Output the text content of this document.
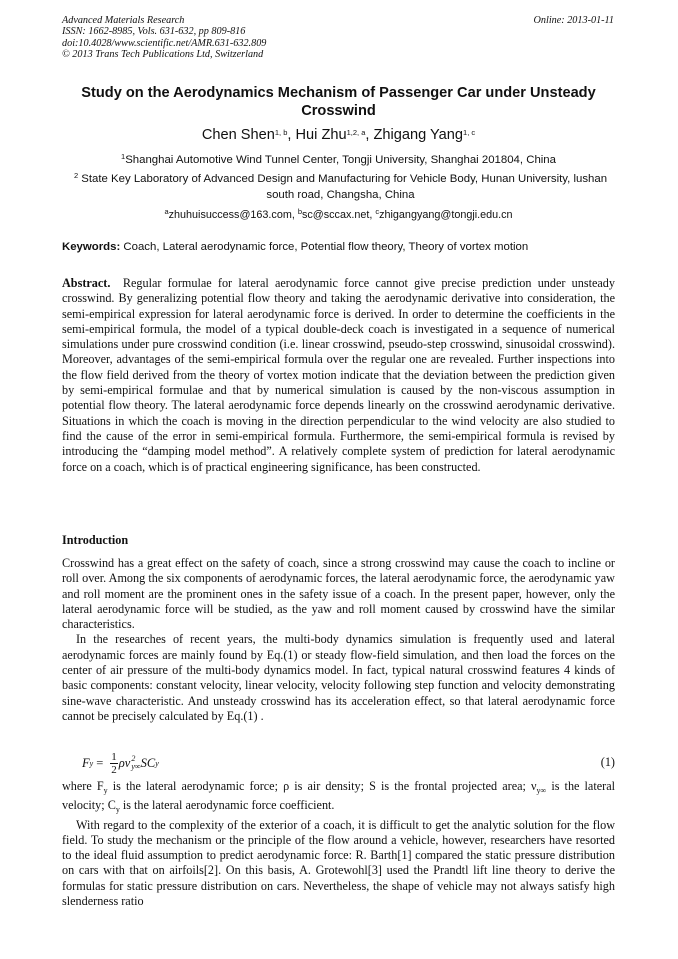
Advanced Materials Research
ISSN: 1662-8985, Vols. 631-632, pp 809-816
doi:10.4028/www.scientific.net/AMR.631-632.809
© 2013 Trans Tech Publications Ltd, Switzerland
Online: 2013-01-11
Study on the Aerodynamics Mechanism of Passenger Car under Unsteady Crosswind
Chen Shen$^{1, b}$, Hui Zhu$^{1,2, a}$, Zhigang Yang$^{1, c}$
$^1$Shanghai Automotive Wind Tunnel Center, Tongji University, Shanghai 201804, China
$^2$ State Key Laboratory of Advanced Design and Manufacturing for Vehicle Body, Hunan University, lushan south road, Changsha, China
$^a$zhuhuisuccess@163.com, $^b$sc@sccax.net, $^c$zhigangyang@tongji.edu.cn
Keywords: Coach, Lateral aerodynamic force, Potential flow theory, Theory of vortex motion
Abstract. Regular formulae for lateral aerodynamic force cannot give precise prediction under unsteady crosswind. By generalizing potential flow theory and taking the aerodynamic derivative into consideration, the semi-empirical expression for lateral aerodynamic force is derived. In order to determine the coefficients in the semi-empirical formula, the model of a typical double-deck coach is investigated in a sequence of numerical simulations under pure crosswind condition (i.e. linear crosswind, pseudo-step crosswind, sinusoidal crosswind). Moreover, advantages of the semi-empirical formula over the regular one are revealed. Further inspections into the flow field derived from the theory of vortex motion indicate that the deviation between the prediction given by semi-empirical formulae and that by numerical simulation is caused by the non-viscous assumption in potential flow theory. The lateral aerodynamic force depends linearly on the crosswind aerodynamic derivative. Situations in which the coach is moving in the direction perpendicular to the wind velocity are also studied to find the cause of the error in semi-empirical formula. Furthermore, the semi-empirical formula is revised by introducing the “damping model method”. A relatively complete system of prediction for lateral aerodynamic force on a coach, which is of practical engineering significance, has been constructed.
Introduction

Crosswind has a great effect on the safety of coach, since a strong crosswind may cause the coach to incline or roll over. Among the six components of aerodynamic forces, the lateral aerodynamic force, the aerodynamic yaw and roll moment are the prominent ones in the safety issue of a coach. In the present paper, however, only the lateral aerodynamic force will be studied, as the yaw and roll moment caused by crosswind have the similar characteristics.

In the researches of recent years, the multi-body dynamics simulation is frequently used and lateral aerodynamic forces are mainly found by Eq.(1) or steady flow-field simulation, and then load the forces on the center of air pressure of the multi-body dynamics model. In fact, typical natural crosswind features 4 kinds of basic components: constant velocity, linear velocity, velocity following step function and velocity demonstrating sine-wave characteristic. And unsteady crosswind has its acceleration effect, so that lateral aerodynamic force cannot be precisely calculated by Eq.(1) .

F $y = \frac{1}{2}$ ρ v 2
y∞ S C y	(1)

where $F_y$ is the lateral aerodynamic force; ρ is air density; S is the frontal projected area; $\nu_{y\infty}$ is the lateral velocity; $C_y$ is the lateral aerodynamic force coefficient.

With regard to the complexity of the exterior of a coach, it is difficult to get the analytic solution for the flow field. To study the mechanism or the principle of the flow around a vehicle, however, researchers have resorted to the ideal fluid assumption to predict aerodynamic force: R. Barth[1] compared the static pressure distribution on cars with that on airfoils[2]. On this basis, A. Grotewohl[3] used the Prandtl lift line theory to derive the formulas for static pressure distribution on cars. Nevertheless, the shape of vehicle may not always satisfy high slenderness ratio
